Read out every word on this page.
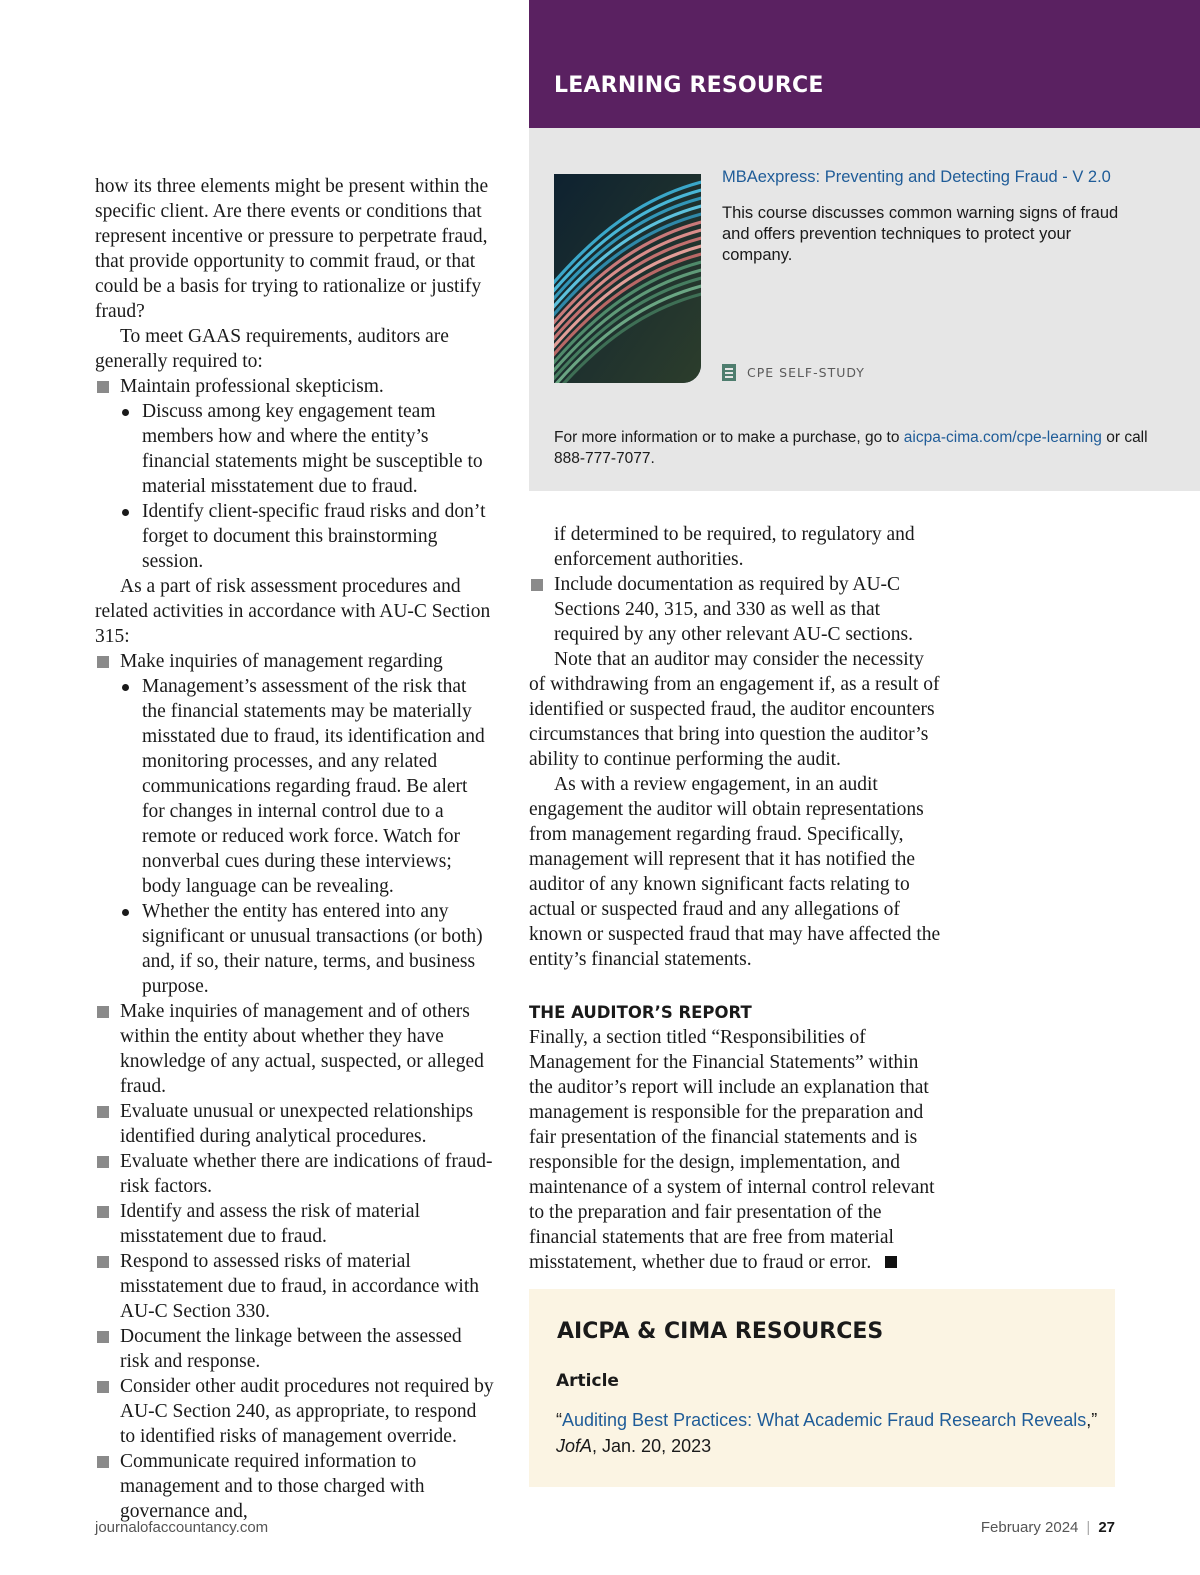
how its three elements might be present within the specific client. Are there events or conditions that represent incentive or pressure to perpetrate fraud, that provide opportunity to commit fraud, or that could be a basis for trying to rationalize or justify fraud?

To meet GAAS requirements, auditors are generally required to:

Maintain professional skepticism.
Discuss among key engagement team members how and where the entity’s financial statements might be susceptible to material misstatement due to fraud.
Identify client-specific fraud risks and don’t forget to document this brainstorming session.

As a part of risk assessment procedures and related activities in accordance with AU-C Section 315:

Make inquiries of management regarding
Management’s assessment of the risk that the financial statements may be materially misstated due to fraud, its identification and monitoring processes, and any related communications regarding fraud. Be alert for changes in internal control due to a remote or reduced work force. Watch for nonverbal cues during these interviews; body language can be revealing.
Whether the entity has entered into any significant or unusual transactions (or both) and, if so, their nature, terms, and business purpose.
Make inquiries of management and of others within the entity about whether they have knowledge of any actual, suspected, or alleged fraud.
Evaluate unusual or unexpected relationships identified during analytical procedures.
Evaluate whether there are indications of fraud-risk factors.
Identify and assess the risk of material misstatement due to fraud.
Respond to assessed risks of material misstatement due to fraud, in accordance with AU-C Section 330.
Document the linkage between the assessed risk and response.
Consider other audit procedures not required by AU-C Section 240, as appropriate, to respond to identified risks of management override.
Communicate required information to management and to those charged with governance and,
LEARNING RESOURCE
MBAexpress: Preventing and Detecting Fraud - V 2.0
This course discusses common warning signs of fraud and offers prevention techniques to protect your company.
CPE SELF-STUDY
For more information or to make a purchase, go to aicpa-cima.com/cpe-learning or call 888-777-7077.
if determined to be required, to regulatory and enforcement authorities.
Include documentation as required by AU-C Sections 240, 315, and 330 as well as that required by any other relevant AU-C sections.

Note that an auditor may consider the necessity of withdrawing from an engagement if, as a result of identified or suspected fraud, the auditor encounters circumstances that bring into question the auditor’s ability to continue performing the audit.

As with a review engagement, in an audit engagement the auditor will obtain representations from management regarding fraud. Specifically, management will represent that it has notified the auditor of any known significant facts relating to actual or suspected fraud and any allegations of known or suspected fraud that may have affected the entity’s financial statements.

THE AUDITOR’S REPORT

Finally, a section titled “Responsibilities of Management for the Financial Statements” within the auditor’s report will include an explanation that management is responsible for the preparation and fair presentation of the financial statements and is responsible for the design, implementation, and maintenance of a system of internal control relevant to the preparation and fair presentation of the financial statements that are free from material misstatement, whether due to fraud or error.

AICPA & CIMA RESOURCES
Article
“Auditing Best Practices: What Academic Fraud Research Reveals,”
JofA, Jan. 20, 2023
journalofaccountancy.com	February 2024 | 27
